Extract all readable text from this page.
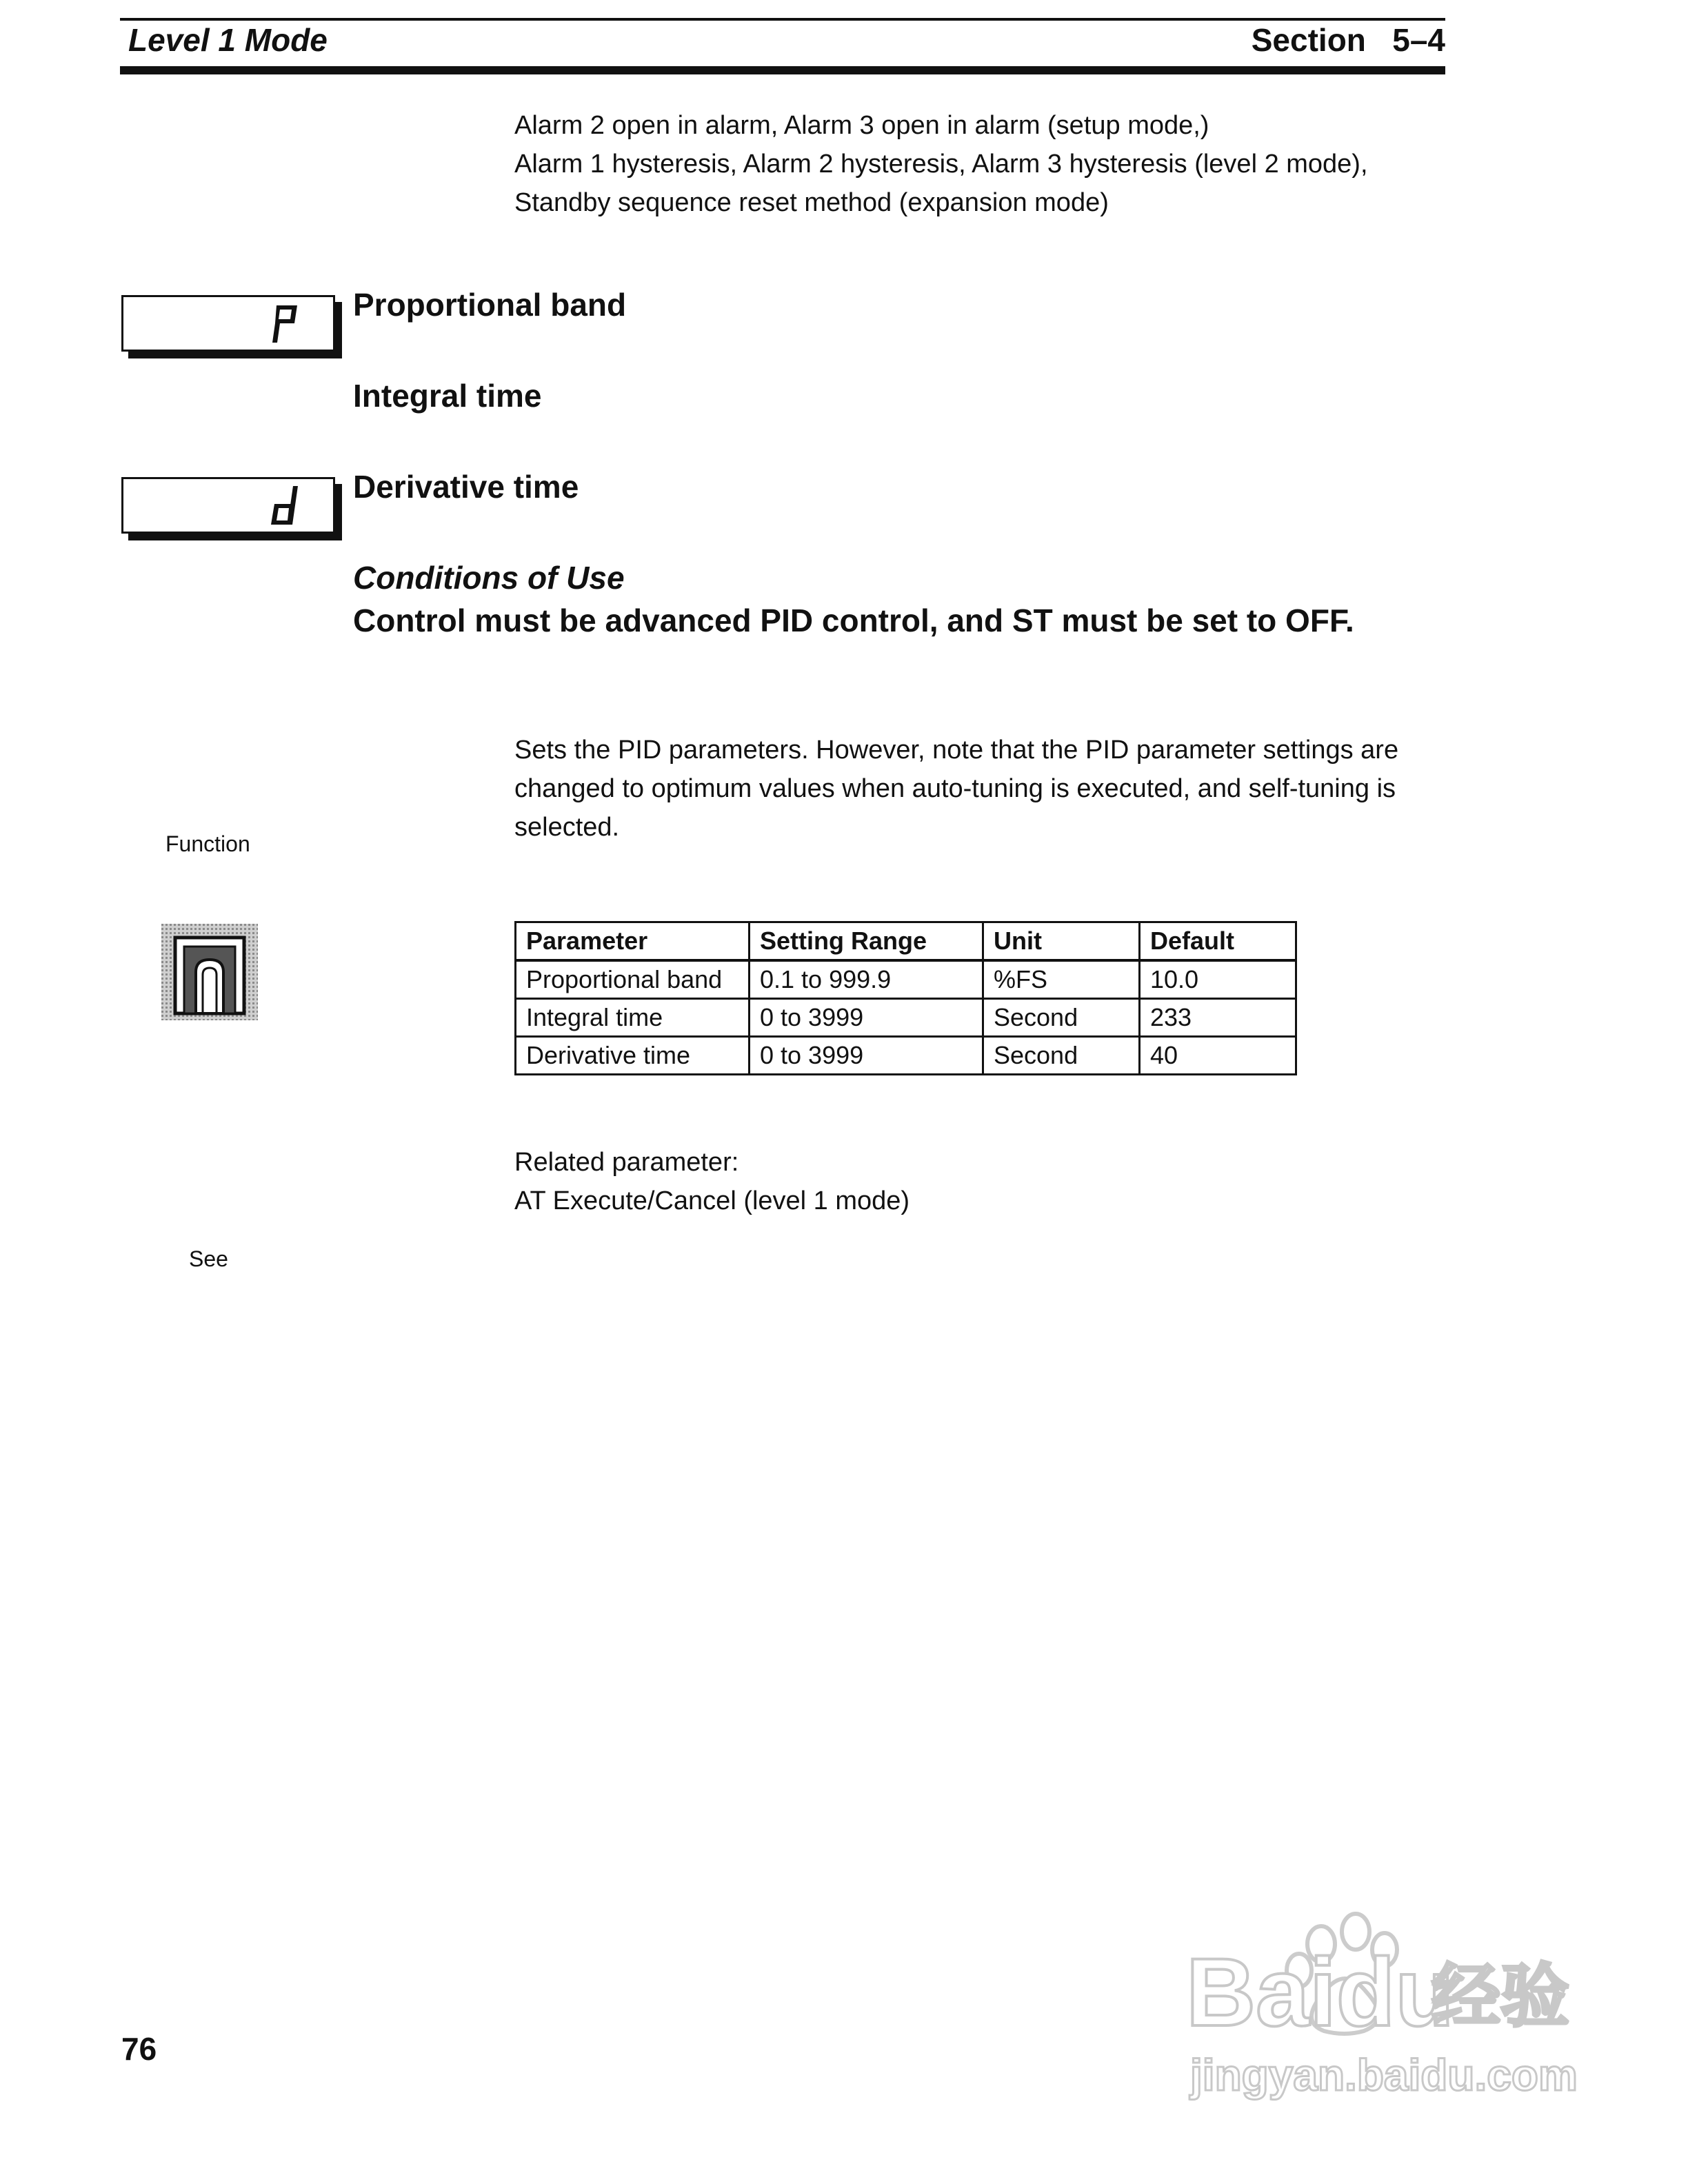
Level 1 Mode	Section 5–4
Alarm 2 open in alarm, Alarm 3 open in alarm (setup mode,)
Alarm 1 hysteresis, Alarm 2 hysteresis, Alarm 3 hysteresis (level 2 mode),
Standby sequence reset method (expansion mode)
Proportional band
Integral time
Derivative time
Conditions of Use
Control must be advanced PID control, and ST must be set to OFF.
Sets the PID parameters. However, note that the PID parameter settings are
changed to optimum values when auto-tuning is executed, and self-tuning is
selected.
Function
Parameter	Setting Range	Unit	Default
Proportional band	0.1 to 999.9	%FS	10.0
Integral time	0 to 3999	Second	233
Derivative time	0 to 3999	Second	40
Related parameter:
AT Execute/Cancel (level 1 mode)
See
Baidu
经验
jingyan.baidu.com
76
